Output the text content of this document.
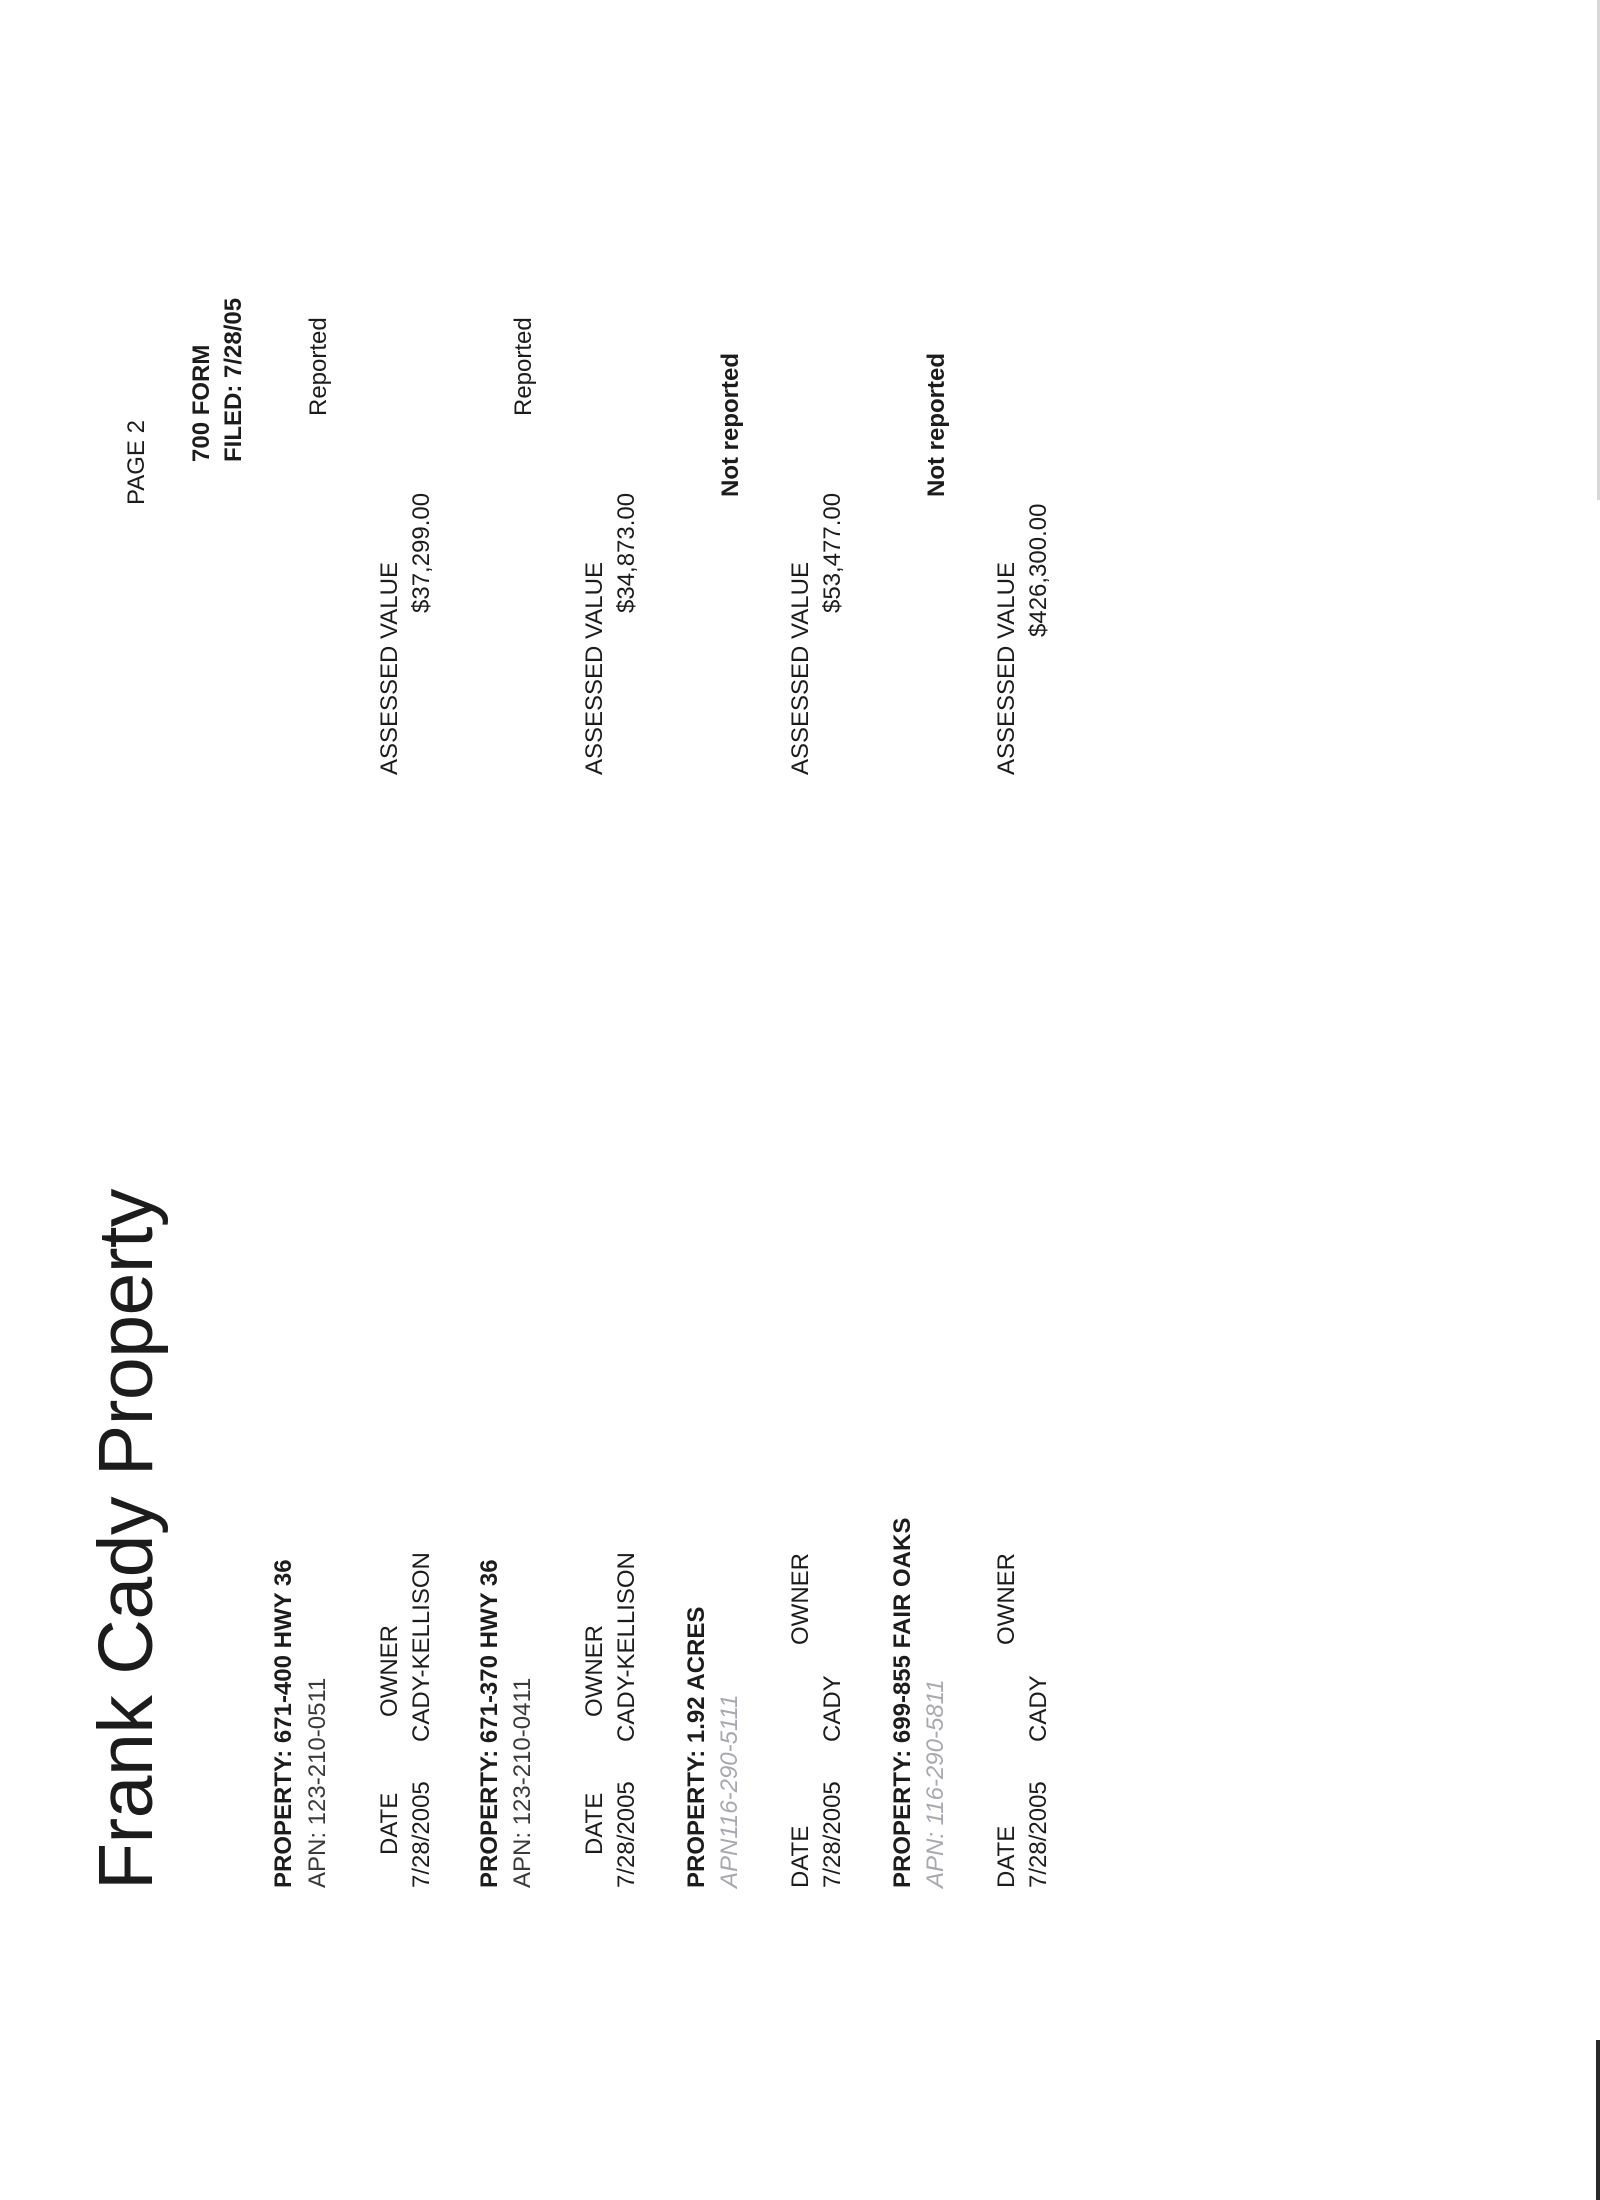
Frank Cady Property
PAGE 2
700 FORM FILED: 7/28/05
PROPERTY: 671-400 HWY 36 APN: 123-210-0511 DATE
OWNER
7/28/2005
CADY-KELLISON
ASSESSED VALUE
$37,299.00
Reported
PROPERTY: 671-370 HWY 36 APN: 123-210-0411 DATE
OWNER
7/28/2005
CADY-KELLISON
ASSESSED VALUE
$34,873.00
Reported
PROPERTY: 1.92 ACRES APN116-290-5111 DATE
OWNER
7/28/2005
CADY
ASSESSED VALUE
$53,477.00
Not reported
PROPERTY: 699-855 FAIR OAKS APN: 116-290-5811 DATE
OWNER
7/28/2005
CADY
ASSESSED VALUE $426,300.00
Not reported
